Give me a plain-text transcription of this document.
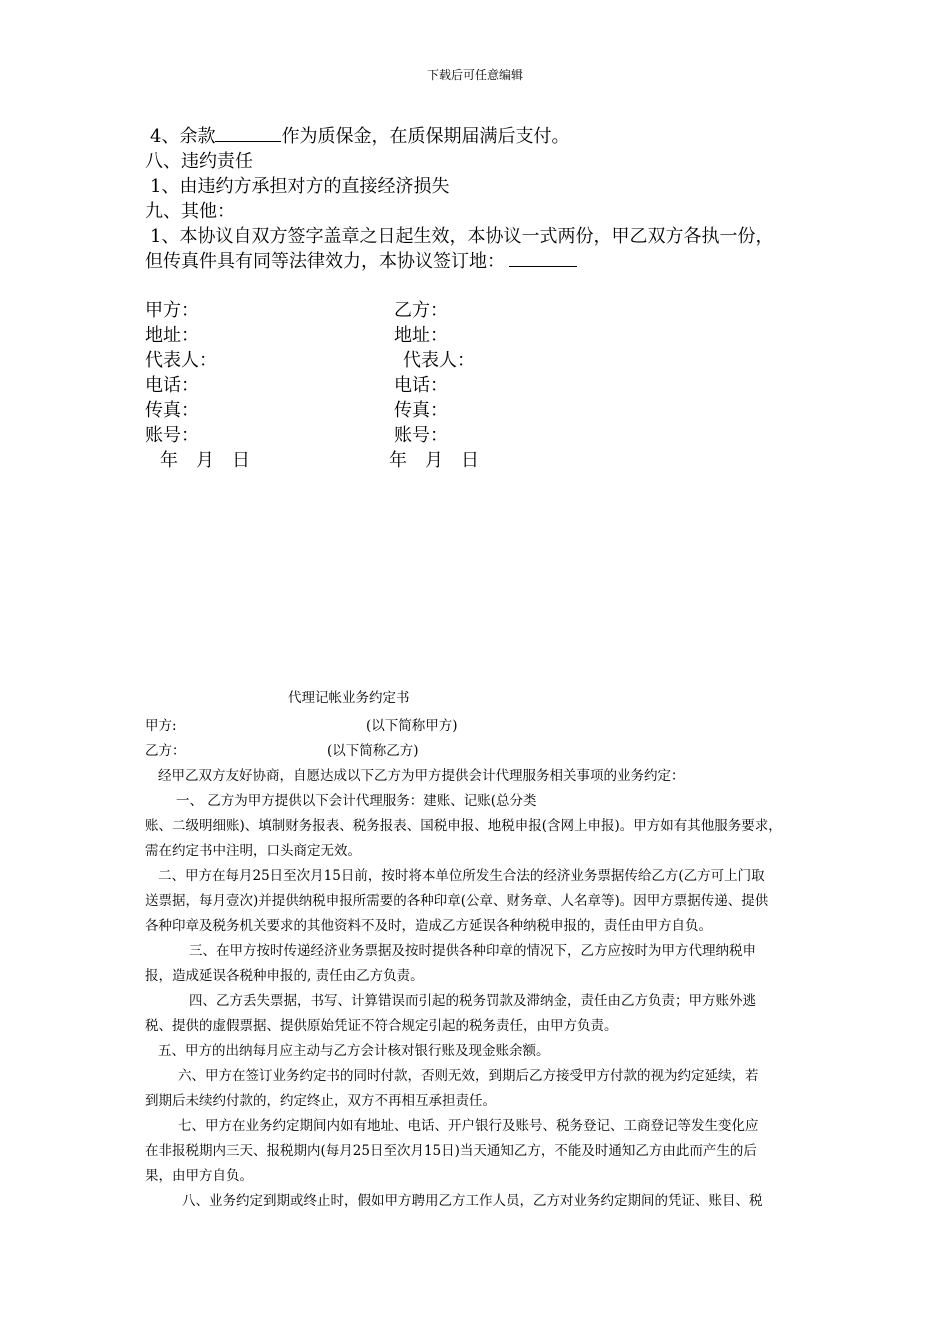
下载后可任意编辑
4、余款	作为质保金，在质保期届满后支付。
八、违约责任
1、由违约方承担对方的直接经济损失
九、其他：
1、本协议自双方签字盖章之日起生效，本协议一式两份，甲乙双方各执一份，
但传真件具有同等法律效力，本协议签订地：
甲方：	乙方：
地址：	地址：
代表人：	代表人：
电话：	电话：
传真：	传真：
账号：	账号：
年　月　日	年　月　日
代理记帐业务约定书
甲方:	(以下简称甲方)
乙方：	(以下简称乙方)
经甲乙双方友好协商，自愿达成以下乙方为甲方提供会计代理服务相关事项的业务约定：
一、 乙方为甲方提供以下会计代理服务：建账、记账(总分类
账、二级明细账)、填制财务报表、税务报表、国税申报、地税申报(含网上申报)。甲方如有其他服务要求，
需在约定书中注明，口头商定无效。
二、甲方在每月25日至次月15日前，按时将本单位所发生合法的经济业务票据传给乙方(乙方可上门取
送票据，每月壹次)并提供纳税申报所需要的各种印章(公章、财务章、人名章等)。因甲方票据传递、提供
各种印章及税务机关要求的其他资料不及时，造成乙方延误各种纳税申报的，责任由甲方自负。
三、在甲方按时传递经济业务票据及按时提供各种印章的情况下，乙方应按时为甲方代理纳税申
报，造成延误各税种申报的, 责任由乙方负责。
四、乙方丢失票据，书写、计算错误而引起的税务罚款及滞纳金，责任由乙方负责；甲方账外逃
税、提供的虚假票据、提供原始凭证不符合规定引起的税务责任，由甲方负责。
五、甲方的出纳每月应主动与乙方会计核对银行账及现金账余额。
六、甲方在签订业务约定书的同时付款，否则无效，到期后乙方接受甲方付款的视为约定延续，若
到期后未续约付款的，约定终止，双方不再相互承担责任。
七、甲方在业务约定期间内如有地址、电话、开户银行及账号、税务登记、工商登记等发生变化应
在非报税期内三天、报税期内(每月25日至次月15日)当天通知乙方，不能及时通知乙方由此而产生的后
果，由甲方自负。
八、业务约定到期或终止时，假如甲方聘用乙方工作人员，乙方对业务约定期间的凭证、账目、税
